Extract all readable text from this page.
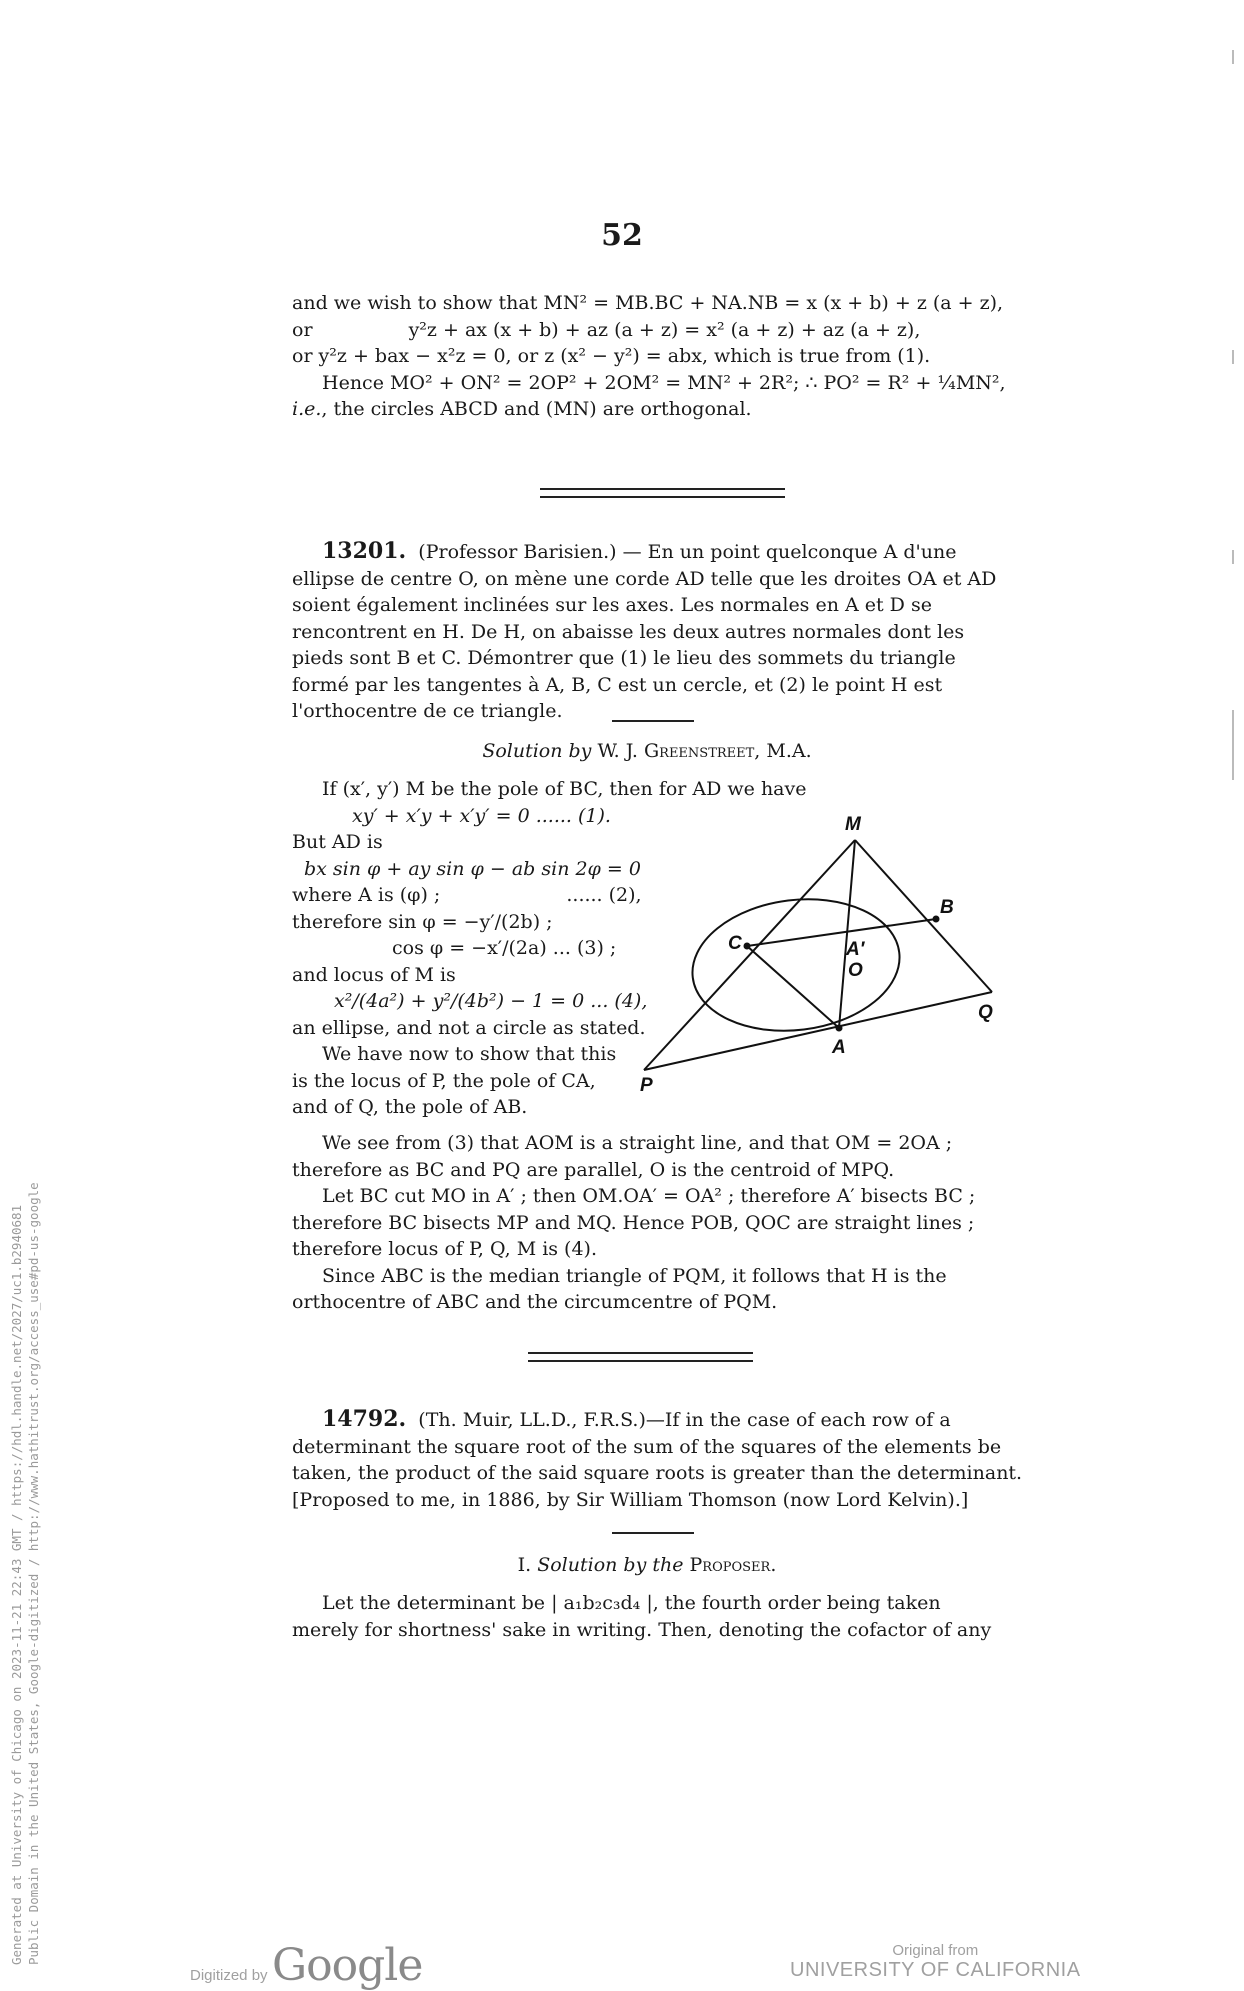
52
and we wish to show that MN² = MB.BC + NA.NB = x (x + b) + z (a + z),
or	y²z + ax (x + b) + az (a + z) = x² (a + z) + az (a + z),
or y²z + bax − x²z = 0, or z (x² − y²) = abx, which is true from (1).
Hence MO² + ON² = 2OP² + 2OM² = MN² + 2R²; ∴ PO² = R² + ¼MN²,
i.e., the circles ABCD and (MN) are orthogonal.
13201. (Professor Barisien.) — En un point quelconque A d'une
ellipse de centre O, on mène une corde AD telle que les droites OA et AD
soient également inclinées sur les axes. Les normales en A et D se
rencontrent en H. De H, on abaisse les deux autres normales dont les
pieds sont B et C. Démontrer que (1) le lieu des sommets du triangle
formé par les tangentes à A, B, C est un cercle, et (2) le point H est
l'orthocentre de ce triangle.
Solution by W. J. Greenstreet, M.A.
If (x′, y′) M be the pole of BC, then for AD we have
xy′ + x′y + x′y′ = 0 ...... (1).
But AD is
bx sin φ + ay sin φ − ab sin 2φ = 0
where A is (φ) ;	...... (2),
therefore sin φ = −y′/(2b) ;
cos φ = −x′/(2a) ... (3) ;
and locus of M is
x²/(4a²) + y²/(4b²) − 1 = 0 ... (4),
an ellipse, and not a circle as stated.
We have now to show that this
is the locus of P, the pole of CA,
and of Q, the pole of AB.
M
B
C	A′
O
Q
A
P
We see from (3) that AOM is a straight line, and that OM = 2OA ;
therefore as BC and PQ are parallel, O is the centroid of MPQ.
Let BC cut MO in A′ ; then OM.OA′ = OA² ; therefore A′ bisects BC ;
therefore BC bisects MP and MQ. Hence POB, QOC are straight lines ;
therefore locus of P, Q, M is (4).
Since ABC is the median triangle of PQM, it follows that H is the
orthocentre of ABC and the circumcentre of PQM.
14792. (Th. Muir, LL.D., F.R.S.)—If in the case of each row of a
determinant the square root of the sum of the squares of the elements be
taken, the product of the said square roots is greater than the determinant.
[Proposed to me, in 1886, by Sir William Thomson (now Lord Kelvin).]
I. Solution by the Proposer.
Let the determinant be | a₁b₂c₃d₄ |, the fourth order being taken
merely for shortness' sake in writing. Then, denoting the cofactor of any
Generated at University of Chicago on 2023-11-21 22:43 GMT / https://hdl.handle.net/2027/uc1.b2940681 Public Domain in the United States, Google-digitized / http://www.hathitrust.org/access_use#pd-us-google
Digitized by Google	Original from
UNIVERSITY OF CALIFORNIA
